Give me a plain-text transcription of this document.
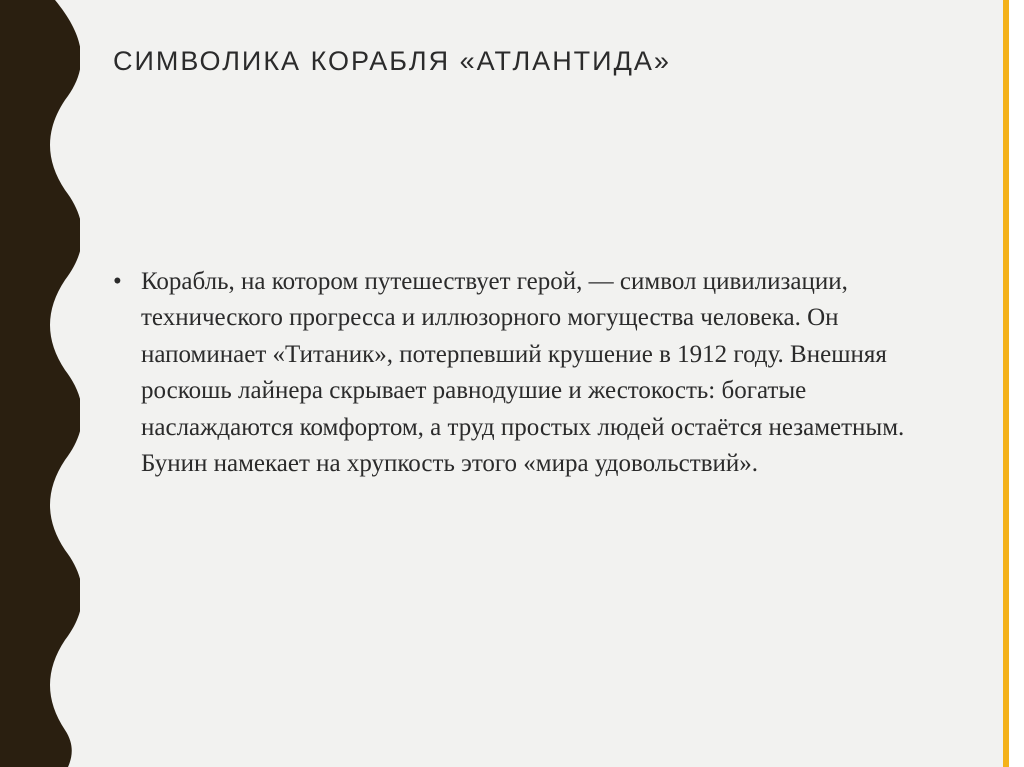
СИМВОЛИКА КОРАБЛЯ «АТЛАНТИДА»
• Корабль, на котором путешествует герой, — символ цивилизации, технического прогресса и иллюзорного могущества человека. Он напоминает «Титаник», потерпевший крушение в 1912 году. Внешняя роскошь лайнера скрывает равнодушие и жестокость: богатые наслаждаются комфортом, а труд простых людей остаётся незаметным. Бунин намекает на хрупкость этого «мира удовольствий».
